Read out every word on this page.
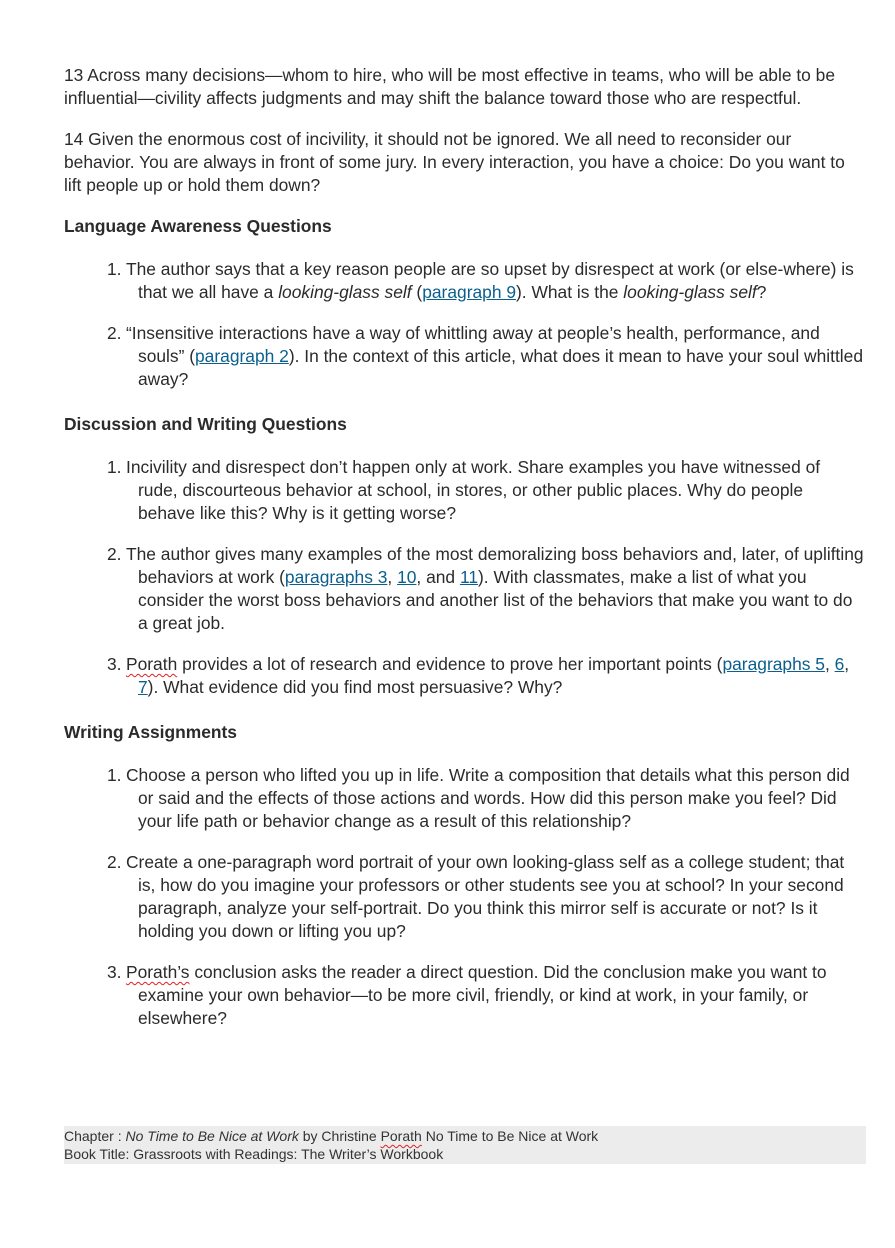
13 Across many decisions—whom to hire, who will be most effective in teams, who will be able to be influential—civility affects judgments and may shift the balance toward those who are respectful.

14 Given the enormous cost of incivility, it should not be ignored. We all need to reconsider our behavior. You are always in front of some jury. In every interaction, you have a choice: Do you want to lift people up or hold them down?

Language Awareness Questions
1. The author says that a key reason people are so upset by disrespect at work (or else-where) is that we all have a looking-glass self (paragraph 9). What is the looking-glass self?
2. “Insensitive interactions have a way of whittling away at people’s health, performance, and souls” (paragraph 2). In the context of this article, what does it mean to have your soul whittled away?
Discussion and Writing Questions
1. Incivility and disrespect don’t happen only at work. Share examples you have witnessed of rude, discourteous behavior at school, in stores, or other public places. Why do people behave like this? Why is it getting worse?
2. The author gives many examples of the most demoralizing boss behaviors and, later, of uplifting behaviors at work (paragraphs 3, 10, and 11). With classmates, make a list of what you consider the worst boss behaviors and another list of the behaviors that make you want to do a great job.
3. Porath provides a lot of research and evidence to prove her important points (paragraphs 5, 6, 7). What evidence did you find most persuasive? Why?
Writing Assignments
1. Choose a person who lifted you up in life. Write a composition that details what this person did or said and the effects of those actions and words. How did this person make you feel? Did your life path or behavior change as a result of this relationship?
2. Create a one-paragraph word portrait of your own looking-glass self as a college student; that is, how do you imagine your professors or other students see you at school? In your second paragraph, analyze your self-portrait. Do you think this mirror self is accurate or not? Is it holding you down or lifting you up?
3. Porath’s conclusion asks the reader a direct question. Did the conclusion make you want to examine your own behavior—to be more civil, friendly, or kind at work, in your family, or elsewhere?
Chapter : No Time to Be Nice at Work by Christine Porath No Time to Be Nice at Work
Book Title: Grassroots with Readings: The Writer’s Workbook
